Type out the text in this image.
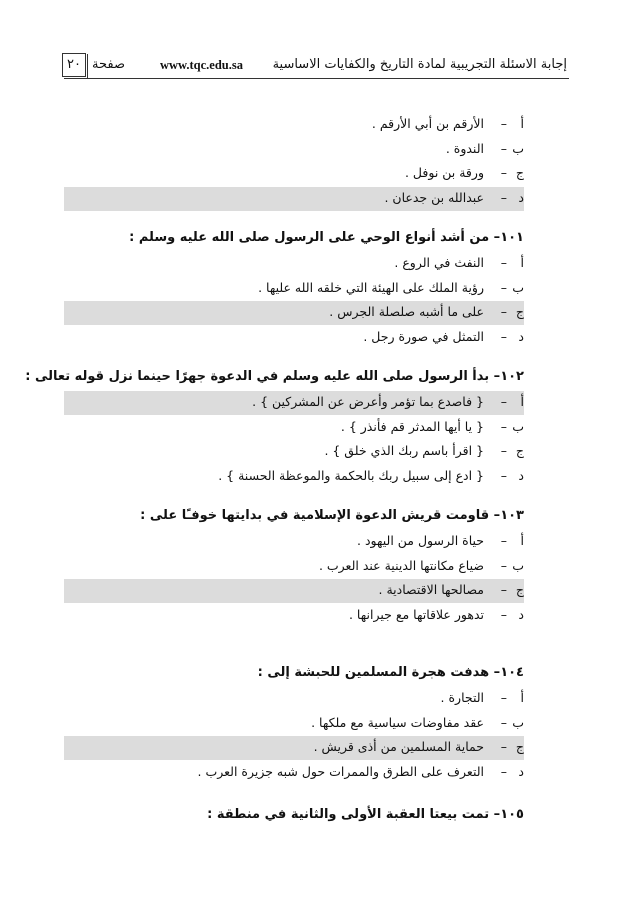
إجابة الاسئلة التجريبية لمادة التاريخ والكفايات الاساسية
www.tqc.edu.sa
صفحة
٢٠
أ
–
الأرقم بن أبي الأرقم .
ب
–
الندوة .
ج
–
ورقة بن نوفل .
د
–
عبدالله بن جدعان .
١٠١– من أشد أنواع الوحي على الرسول صلى الله عليه وسلم :
أ
–
النفث في الروع .
ب
–
رؤية الملك على الهيئة التي خلقه الله عليها .
ج
–
على ما أشبه صلصلة الجرس .
د
–
التمثل في صورة رجل .
١٠٢– بدأ الرسول صلى الله عليه وسلم في الدعوة جهرًا حينما نزل قوله تعالى :
أ
–
{ فاصدع بما تؤمر وأعرض عن المشركين } .
ب
–
{ يا أيها المدثر قم فأنذر } .
ج
–
{ اقرأ باسم ربك الذي خلق } .
د
–
{ ادع إلى سبيل ربك بالحكمة والموعظة الحسنة } .
١٠٣– قاومت قريش الدعوة الإسلامية في بدايتها خوفـًا على :
أ
–
حياة الرسول من اليهود .
ب
–
ضياع مكانتها الدينية عند العرب .
ج
–
مصالحها الاقتصادية .
د
–
تدهور علاقاتها مع جيرانها .
١٠٤– هدفت هجرة المسلمين للحبشة إلى :
أ
–
التجارة .
ب
–
عقد مفاوضات سياسية مع ملكها .
ج
–
حماية المسلمين من أذى قريش .
د
–
التعرف على الطرق والممرات حول شبه جزيرة العرب .
١٠٥– تمت بيعتا العقبة الأولى والثانية في منطقة :
